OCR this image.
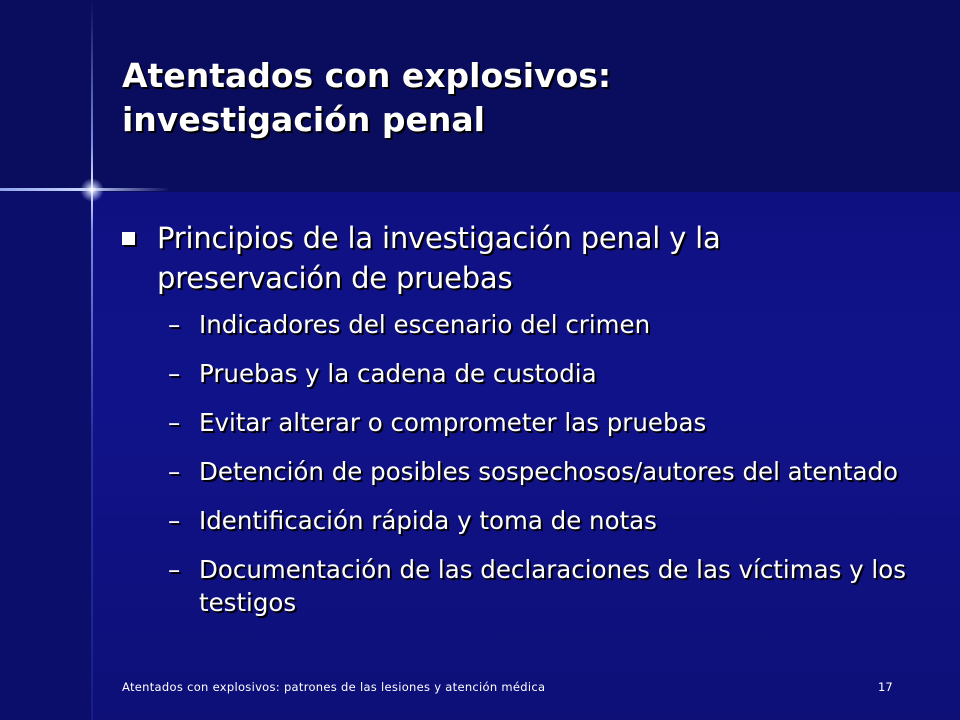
Atentados con explosivos:
investigación penal
Principios de la investigación penal y la preservación de pruebas
– Indicadores del escenario del crimen
– Pruebas y la cadena de custodia
– Evitar alterar o comprometer las pruebas
– Detención de posibles sospechosos/autores del atentado
– Identificación rápida y toma de notas
– Documentación de las declaraciones de las víctimas y los testigos
Atentados con explosivos: patrones de las lesiones y atención médica	17
